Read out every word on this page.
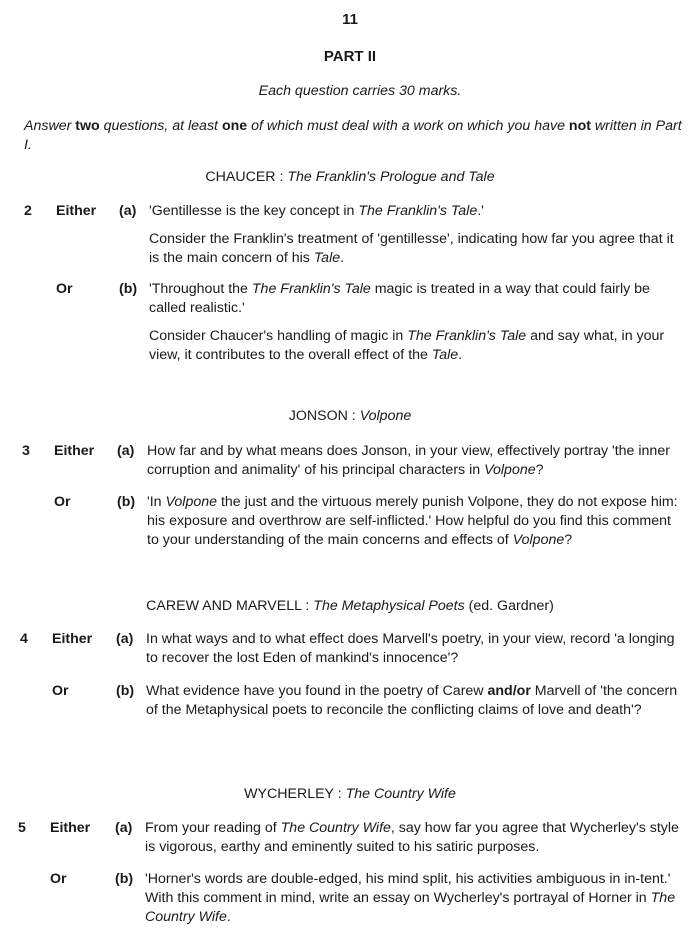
11
PART II
Each question carries 30 marks.
Answer two questions, at least one of which must deal with a work on which you have not written in Part I.
CHAUCER : The Franklin's Prologue and Tale
2 Either (a) 'Gentillesse is the key concept in The Franklin's Tale.'

Consider the Franklin's treatment of 'gentillesse', indicating how far you agree that it is the main concern of his Tale.

Or	(b) 'Throughout the The Franklin's Tale magic is treated in a way that could fairly be called realistic.'

Consider Chaucer's handling of magic in The Franklin's Tale and say what, in your view, it contributes to the overall effect of the Tale.

JONSON : Volpone
3 Either (a) How far and by what means does Jonson, in your view, effectively portray 'the inner corruption and animality' of his principal characters in Volpone?

Or	(b) 'In Volpone the just and the virtuous merely punish Volpone, they do not expose him: his exposure and overthrow are self-inflicted.' How helpful do you find this comment to your understanding of the main concerns and effects of Volpone?

CAREW AND MARVELL : The Metaphysical Poets (ed. Gardner)
4 Either (a) In what ways and to what effect does Marvell's poetry, in your view, record 'a longing to recover the lost Eden of mankind's innocence'?

Or	(b) What evidence have you found in the poetry of Carew and/or Marvell of 'the concern of the Metaphysical poets to reconcile the conflicting claims of love and death'?

WYCHERLEY : The Country Wife
5 Either (a) From your reading of The Country Wife, say how far you agree that Wycherley's style is vigorous, earthy and eminently suited to his satiric purposes.

Or	(b) 'Horner's words are double-edged, his mind split, his activities ambiguous in in-tent.' With this comment in mind, write an essay on Wycherley's portrayal of Horner in The Country Wife.
